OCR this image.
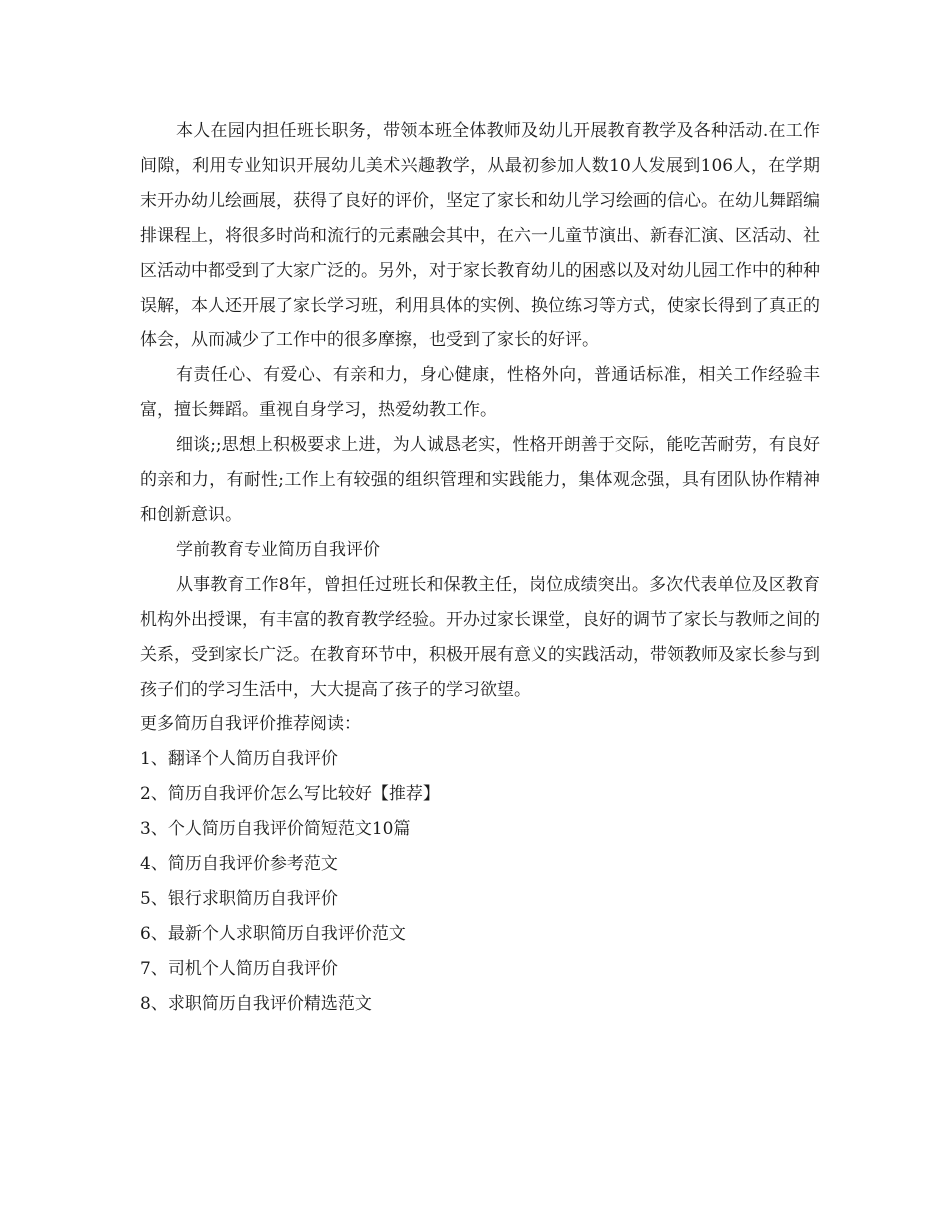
本人在园内担任班长职务，带领本班全体教师及幼儿开展教育教学及各种活动.在工作间隙，利用专业知识开展幼儿美术兴趣教学，从最初参加人数10人发展到106人，在学期末开办幼儿绘画展，获得了良好的评价，坚定了家长和幼儿学习绘画的信心。在幼儿舞蹈编排课程上，将很多时尚和流行的元素融会其中，在六一儿童节演出、新春汇演、区活动、社区活动中都受到了大家广泛的。另外，对于家长教育幼儿的困惑以及对幼儿园工作中的种种误解，本人还开展了家长学习班，利用具体的实例、换位练习等方式，使家长得到了真正的体会，从而减少了工作中的很多摩擦，也受到了家长的好评。

有责任心、有爱心、有亲和力，身心健康，性格外向，普通话标准，相关工作经验丰富，擅长舞蹈。重视自身学习，热爱幼教工作。

细谈;;思想上积极要求上进，为人诚恳老实，性格开朗善于交际，能吃苦耐劳，有良好的亲和力，有耐性;工作上有较强的组织管理和实践能力，集体观念强，具有团队协作精神和创新意识。

学前教育专业简历自我评价

从事教育工作8年，曾担任过班长和保教主任，岗位成绩突出。多次代表单位及区教育机构外出授课，有丰富的教育教学经验。开办过家长课堂，良好的调节了家长与教师之间的关系，受到家长广泛。在教育环节中，积极开展有意义的实践活动，带领教师及家长参与到孩子们的学习生活中，大大提高了孩子的学习欲望。

更多简历自我评价推荐阅读：

1、翻译个人简历自我评价
2、简历自我评价怎么写比较好【推荐】
3、个人简历自我评价简短范文10篇
4、简历自我评价参考范文
5、银行求职简历自我评价
6、最新个人求职简历自我评价范文
7、司机个人简历自我评价
8、求职简历自我评价精选范文
